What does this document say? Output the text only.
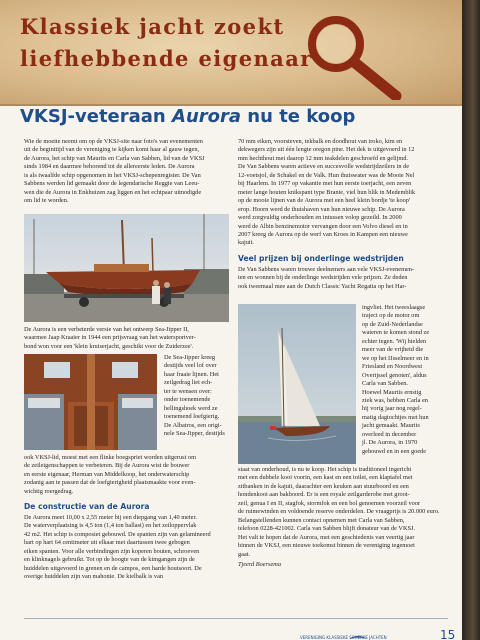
Klassiek jacht zoekt
liefhebbende eigenaar
VKSJ-veteraan Aurora nu te koop

Wie de moeite neemt om op de VKSJ-site naar foto's van evenementen

uit de beginttijd van de vereniging te kijken komt haar al gauw tegen,

de Aurora, het schip van Maurits en Carla van Sabben, lid van de VKSJ

sinds 1984 en daarmee behorend tot de allereerste leden. De Aurora

is als twaalfde schip opgenomen in het VKSJ-schepenregister. De Van

Sabbens werden lid gemaakt door de legendarische Reggie van Leeu-

wen die de Aurora in Enkhuizen zag liggen en het echtpaar uitnodigde

om lid te worden.

De Aurora is een verbeterde versie van het ontwerp Sea-Jipper II,

waarmee Jaap Kraaier in 1944 een prijsvraag van het watersportver-

bond won voor een 'klein kruiserjacht, geschikt voor de Zuiderzee'.

De Sea-Jipper kreeg

destijds veel lof over

haar fraaie lijnen. Het

zeilgedrag liet ech-

ter te wensen over:

onder toenemende

hellingshoek werd ze

toenemend loefgierig.

De Albatros, een origi-

nele Sea-Jipper, destijds

ook VKSJ-lid, moest met een flinke boegspriet worden uitgerust om

de zeileigenschappen te verbeteren. Bij de Aurora wist de bouwer

en eerste eigenaar, Herman van Middelkoop, het onderwaterschip

zodanig aan te passen dat de loefgierigheid plaatsmaakte voor even-

wichtig roergedrag.

De constructie van de Aurora

De Aurora meet 10,00 x 2,55 meter bij een diepgang van 1,40 meter.

De waterverplaatsing is 4,5 ton (1,4 ton ballast) en het zeiloppervlak

42 m2. Het schip is composiet gebouwd. De spanten zijn van gelamineerd

hart op hart 64 centimeter uit elkaar met daartussen twee gebogen

eiken spanten. Voor alle verbindingen zijn koperen bouten, schroeven

en klinknagels gebruikt. Tot op de hoogte van de kimgangen zijn de

huiddelen uitgevoerd in grenen en de campos, een harde houtsoort. De

overige huiddelen zijn van mahonie. De kielbalk is van

70 mm eiken, voorsteven, tekbalk en doodhout van iroko, kim en

dekwegers zijn uit één lengte oregon pine. Het dek is uitgevoerd in 12

mm hechthout met daarop 12 mm teakdelen geschroefd en gelijmd.

De Van Sabbens waren actieve en succesvolle wedstrijdzeilers in de

12-voetsjol, de Schakel en de Valk. Hun thuiswater was de Mooie Nel

bij Haarlem. In 1977 op vakantie met hun eerste toerjacht, een zeven

meter lange houten knikspant type Branie, viel hun blik in Medemblik

op de mooie lijnen van de Aurora met een heel klein bordje 'te koop'

erop. Hoorn werd de thuishaven van hun nieuwe schip. De Aurora

werd zorgvuldig onderhouden en intussen volop gezeild. In 2000

werd de Albin benzinemotor vervangen door een Volvo diesel en in

2007 kreeg de Aurora op de werf van Kroes in Kampen een nieuwe

kajuit.

Veel prijzen bij onderlinge wedstrijden

De Van Sabbens waren trouwe deelnemers aan vele VKSJ-evenemen-

ten en wonnen bij de onderlinge wedstrijden vele prijzen. Ze deden

ook tweemaal mee aan de Dutch Classic Yacht Regatta op het Har-

ingvliet. Het tweeslaagse

traject op de motor om

op de Zuid-Nederlandse

wateren te komen stond ze

echter tegen. 'Wij hielden

meer van de vrijheid die

we op het IJsselmeer en in

Friesland en Noordwest

Overijssel genoten', aldus

Carla van Sabben.

Hoewel Maurits ernstig

ziek was, hebben Carla en

hij vorig jaar nog regel-

matig dagtochtjes met hun

jacht gemaakt. Maurits

overleed in december

jl. De Aurora, in 1970

gebouwd en in een goede

staat van onderhoud, is nu te koop. Het schip is traditioneel ingericht

met een dubbele kooi voorin, een kast en een toilet, een klaptafel met

zitbanken in de kajuit, daarachter een keuken aan stuurboord en een

hondenkooi aan bakboord. Er is een royale zeilgarderobe met groot-

zeil, genua I en II, stagfok, stormfok en een bol genoemen voorzeil voor

de ruimewinden en voldoende reserve onderdelen. De vraagprijs is 20.000 euro.

Belangstellenden kunnen contact opnemen met Carla van Sabben,

telefoon 0228-421002. Carla van Sabben blijft donateur van de VKSJ.

Het valt te hopen dat de Aurora, met een geschiedenis van veertig jaar

binnen de VKSJ, een nieuwe toekomst binnen de vereniging tegemoet

gaat.

Tjeerd Boersema

VERENIGING KLASSIEKE SCHERPE JACHTEN	15
